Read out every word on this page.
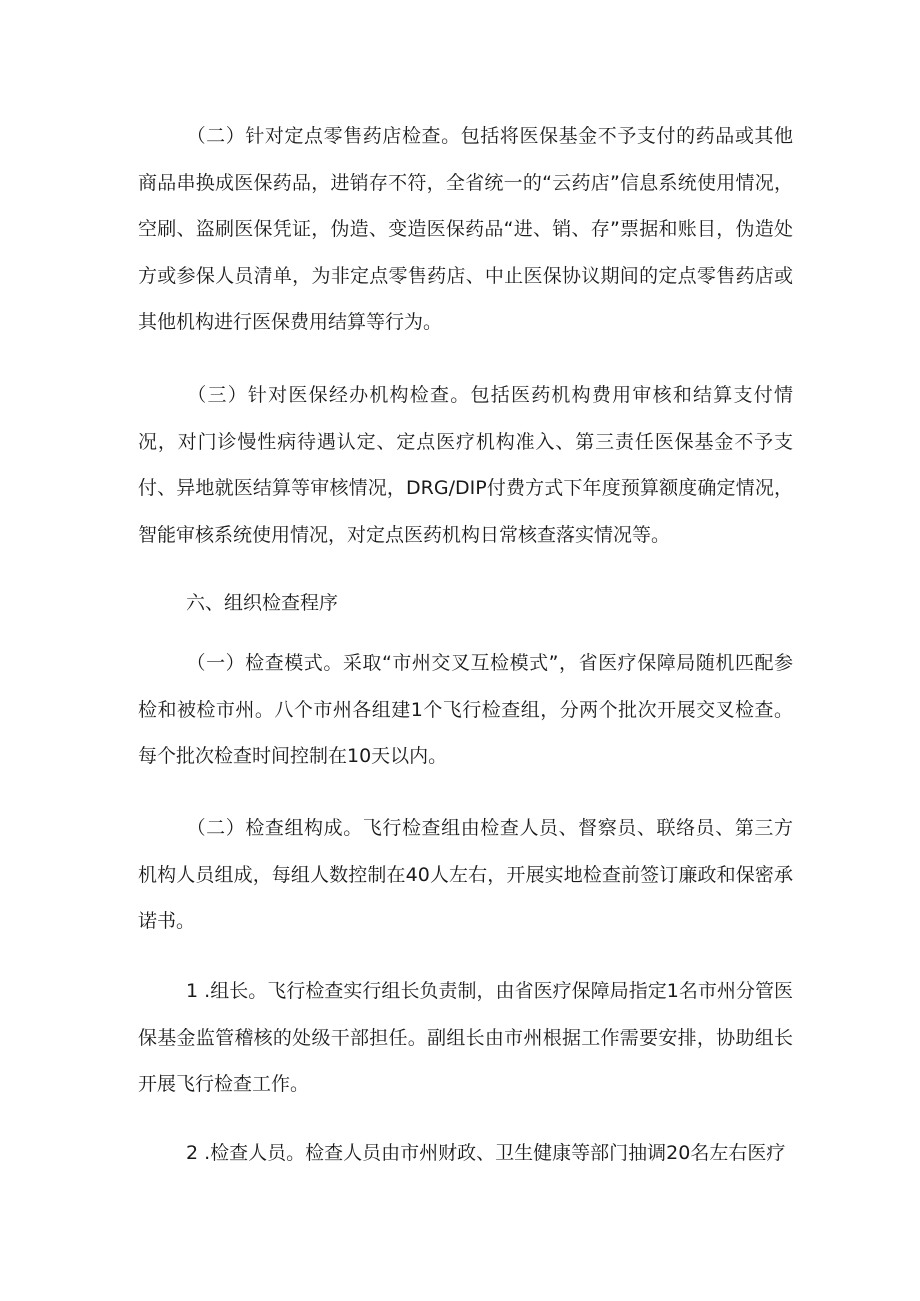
（二）针对定点零售药店检查。包括将医保基金不予支付的药品或其他商品串换成医保药品，进销存不符，全省统一的“云药店”信息系统使用情况，空刷、盗刷医保凭证，伪造、变造医保药品“进、销、存”票据和账目，伪造处方或参保人员清单，为非定点零售药店、中止医保协议期间的定点零售药店或其他机构进行医保费用结算等行为。

（三）针对医保经办机构检查。包括医药机构费用审核和结算支付情况，对门诊慢性病待遇认定、定点医疗机构准入、第三责任医保基金不予支付、异地就医结算等审核情况，DRG/DIP付费方式下年度预算额度确定情况，智能审核系统使用情况，对定点医药机构日常核查落实情况等。

六、组织检查程序

（一）检查模式。采取“市州交叉互检模式”，省医疗保障局随机匹配参检和被检市州。八个市州各组建1个飞行检查组，分两个批次开展交叉检查。每个批次检查时间控制在10天以内。

（二）检查组构成。飞行检查组由检查人员、督察员、联络员、第三方机构人员组成，每组人数控制在40人左右，开展实地检查前签订廉政和保密承诺书。

1 .组长。飞行检查实行组长负责制，由省医疗保障局指定1名市州分管医保基金监管稽核的处级干部担任。副组长由市州根据工作需要安排，协助组长开展飞行检查工作。

2 .检查人员。检查人员由市州财政、卫生健康等部门抽调20名左右医疗
